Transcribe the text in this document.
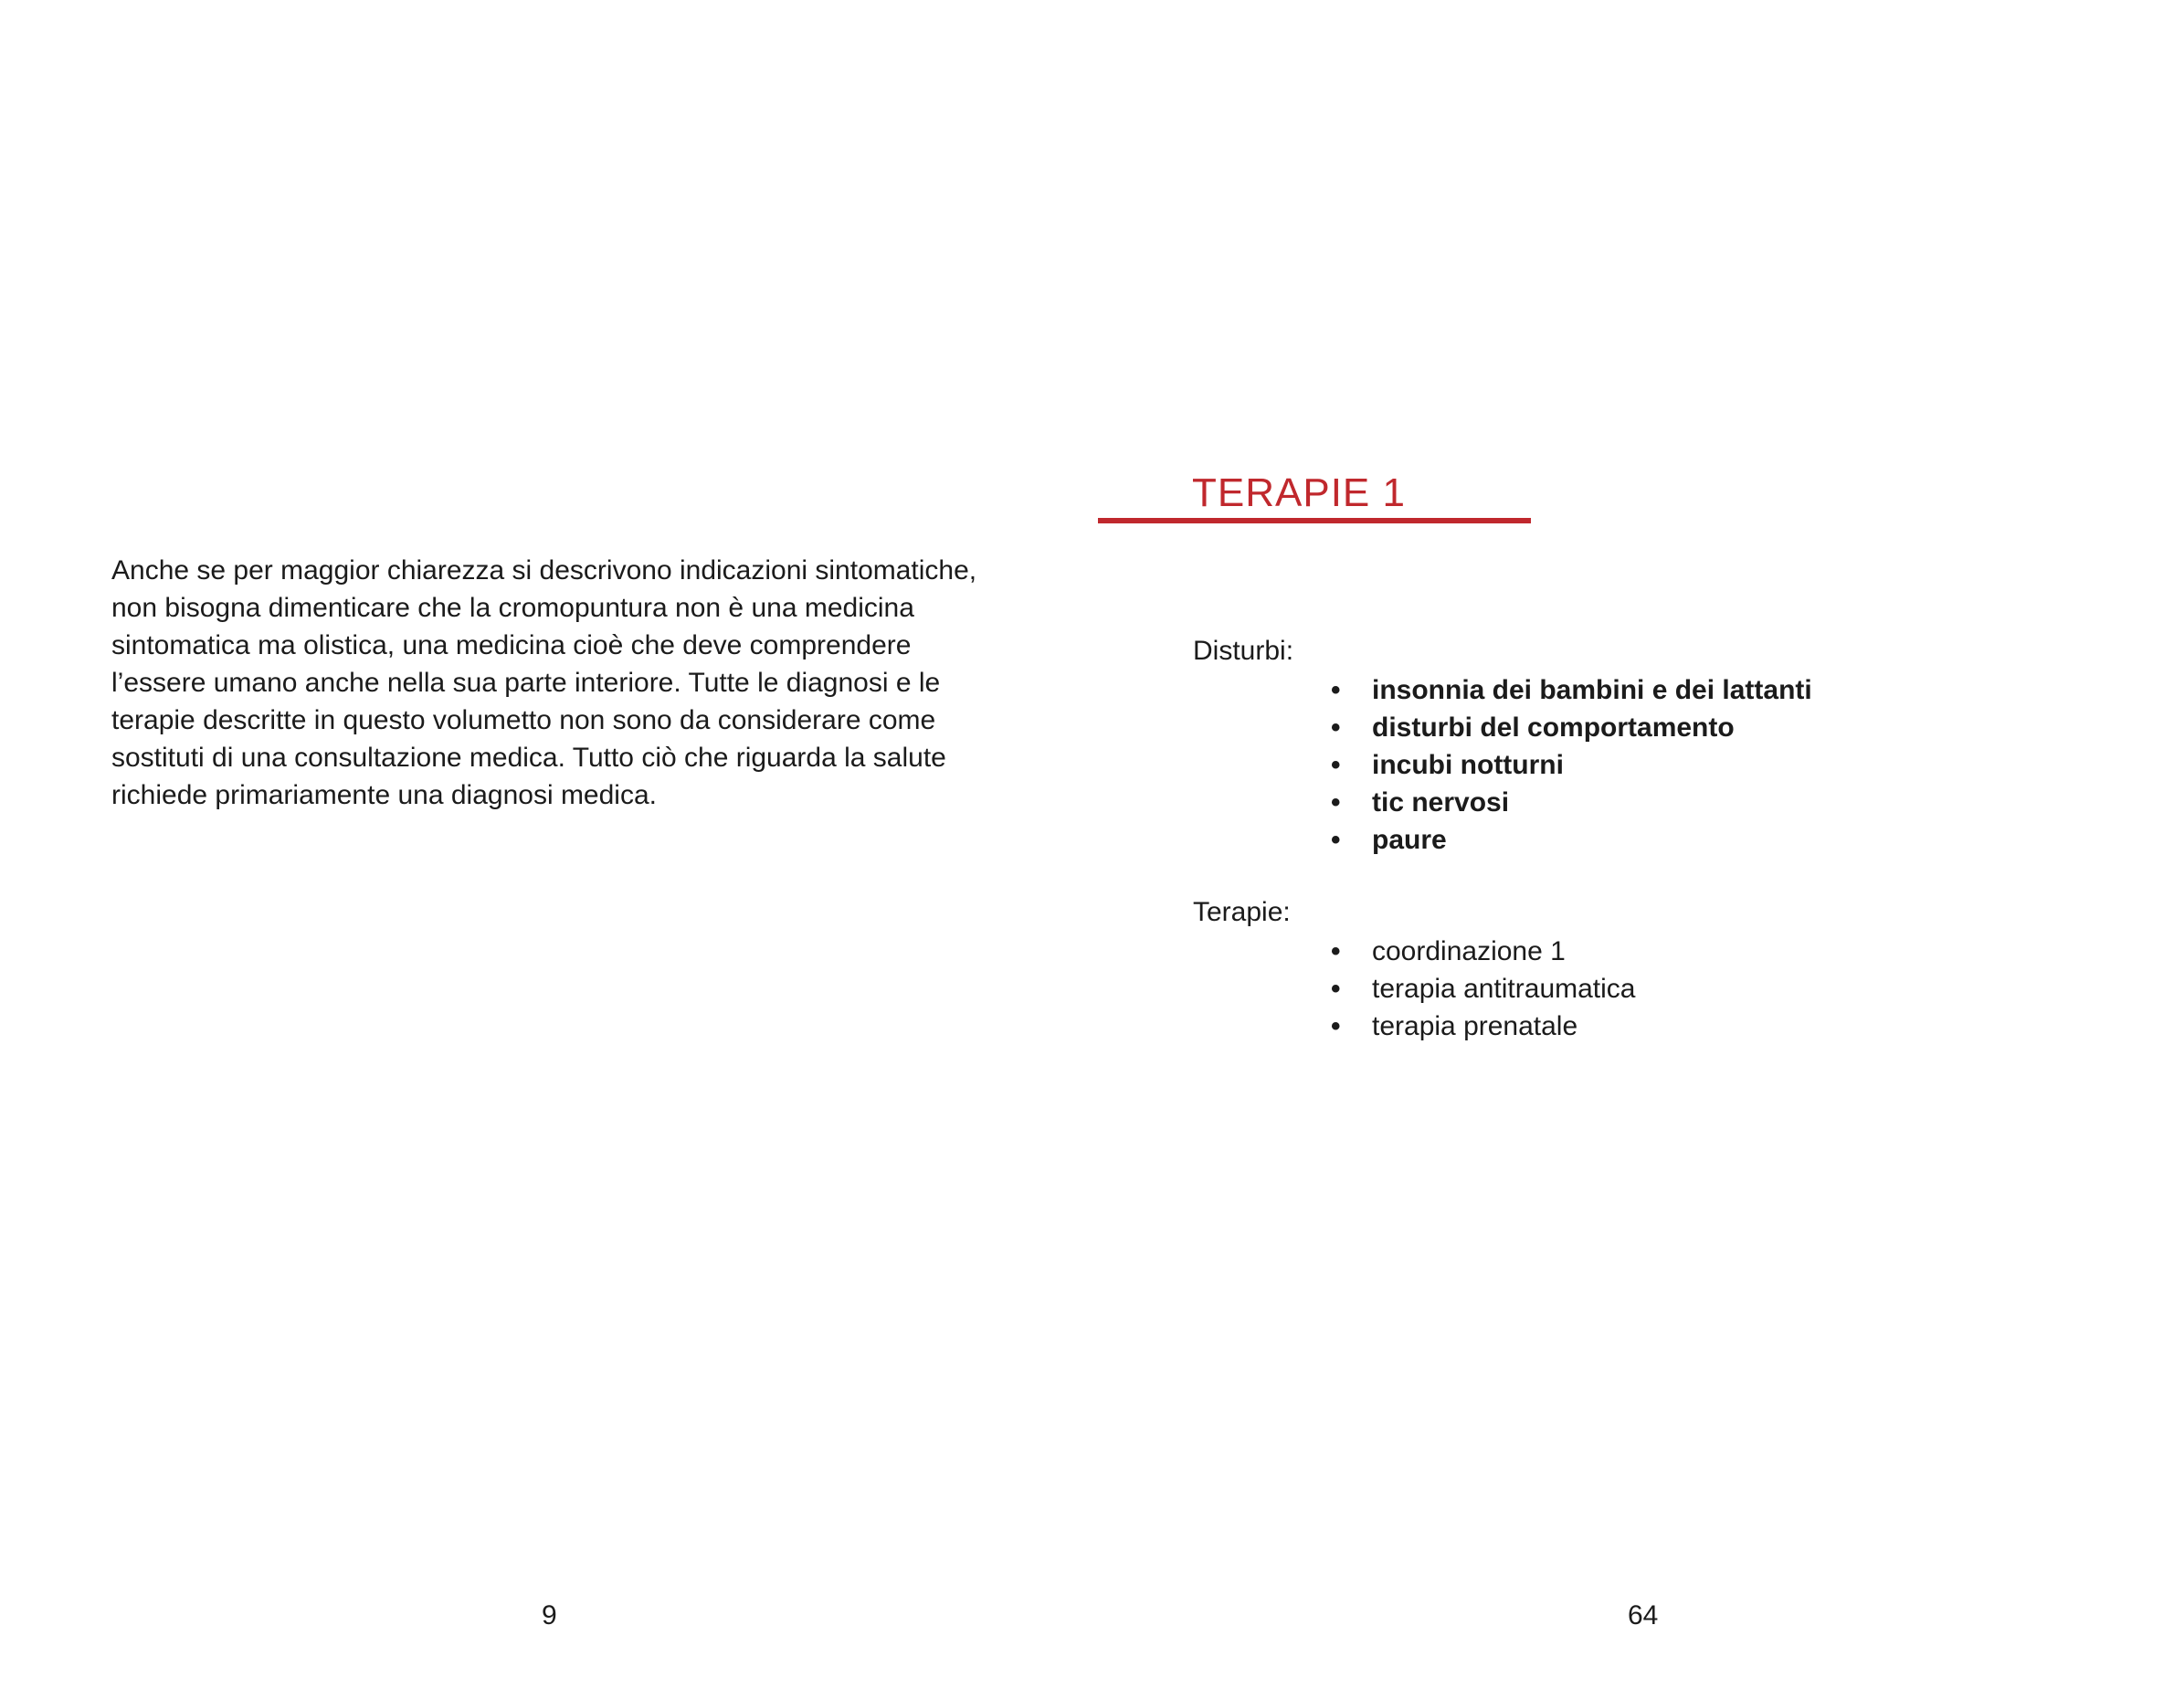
Anche se per maggior chiarezza si descrivono indicazioni sintomatiche,
non bisogna dimenticare che la cromopuntura non è una medicina
sintomatica ma olistica, una medicina cioè che deve comprendere
l’essere umano anche nella sua parte interiore. Tutte le diagnosi e le
terapie descritte in questo volumetto non sono da considerare come
sostituti di una consultazione medica. Tutto ciò che riguarda la salute
richiede primariamente una diagnosi medica.

9
TERAPIE 1
Disturbi:
• insonnia dei bambini e dei lattanti
• disturbi del comportamento
• incubi notturni
• tic nervosi
• paure
Terapie:
• coordinazione 1
• terapia antitraumatica
• terapia prenatale
64
